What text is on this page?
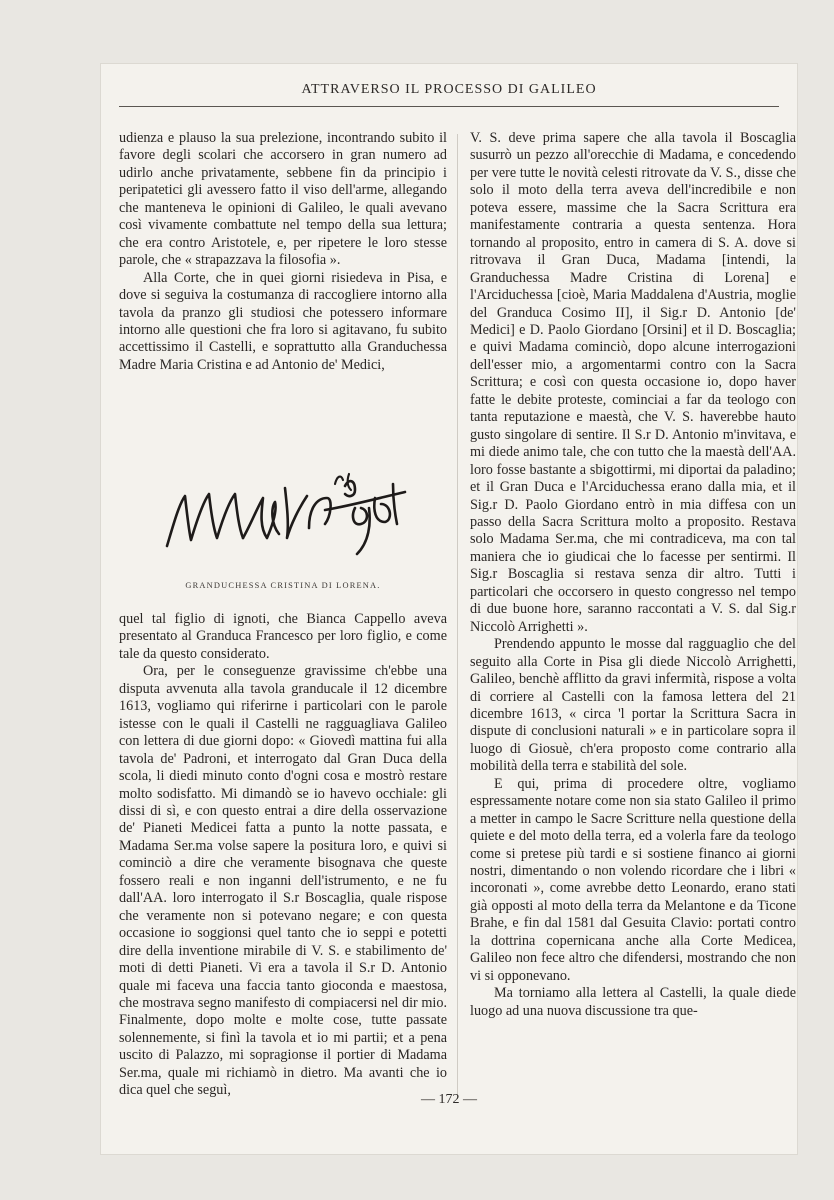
ATTRAVERSO IL PROCESSO DI GALILEO

udienza e plauso la sua prelezione, incontrando subito il favore degli scolari che accorsero in gran numero ad udirlo anche privatamente, sebbene fin da principio i peripatetici gli avessero fatto il viso dell'arme, allegando che manteneva le opinioni di Galileo, le quali avevano così vivamente combattute nel tempo della sua lettura; che era contro Aristotele, e, per ripetere le loro stesse parole, che « strapazzava la filosofia ».

Alla Corte, che in quei giorni risiedeva in Pisa, e dove si seguiva la costumanza di raccogliere intorno alla tavola da pranzo gli studiosi che potessero informare intorno alle questioni che fra loro si agitavano, fu subito accettissimo il Castelli, e soprattutto alla Granduchessa Madre Maria Cristina e ad Antonio de' Medici,

GRANDUCHESSA CRISTINA DI LORENA.

quel tal figlio di ignoti, che Bianca Cappello aveva presentato al Granduca Francesco per loro figlio, e come tale da questo considerato.

Ora, per le conseguenze gravissime ch'ebbe una disputa avvenuta alla tavola granducale il 12 dicembre 1613, vogliamo qui riferirne i particolari con le parole istesse con le quali il Castelli ne ragguagliava Galileo con lettera di due giorni dopo: « Giovedì mattina fui alla tavola de' Padroni, et interrogato dal Gran Duca della scola, li diedi minuto conto d'ogni cosa e mostrò restare molto sodisfatto. Mi dimandò se io havevo occhiale: gli dissi di sì, e con questo entrai a dire della osservazione de' Pianeti Medicei fatta a punto la notte passata, e Madama Ser.ma volse sapere la positura loro, e quivi si cominciò a dire che veramente bisognava che queste fossero reali e non inganni dell'istrumento, e ne fu dall'AA. loro interrogato il S.r Boscaglia, quale rispose che veramente non si potevano negare; e con questa occasione io soggionsi quel tanto che io seppi e potetti dire della inventione mirabile di V. S. e stabilimento de' moti di detti Pianeti. Vi era a tavola il S.r D. Antonio quale mi faceva una faccia tanto gioconda e maestosa, che mostrava segno manifesto di compiacersi nel dir mio. Finalmente, dopo molte e molte cose, tutte passate solennemente, si finì la tavola et io mi partii; et a pena uscito di Palazzo, mi sopragionse il portier di Madama Ser.ma, quale mi richiamò in dietro. Ma avanti che io dica quel che seguì,

V. S. deve prima sapere che alla tavola il Boscaglia susurrò un pezzo all'orecchie di Madama, e concedendo per vere tutte le novità celesti ritrovate da V. S., disse che solo il moto della terra aveva dell'incredibile e non poteva essere, massime che la Sacra Scrittura era manifestamente contraria a questa sentenza. Hora tornando al proposito, entro in camera di S. A. dove si ritrovava il Gran Duca, Madama [intendi, la Granduchessa Madre Cristina di Lorena] e l'Arciduchessa [cioè, Maria Maddalena d'Austria, moglie del Granduca Cosimo II], il Sig.r D. Antonio [de' Medici] e D. Paolo Giordano [Orsini] et il D. Boscaglia; e quivi Madama cominciò, dopo alcune interrogazioni dell'esser mio, a argomentarmi contro con la Sacra Scrittura; e così con questa occasione io, dopo haver fatte le debite proteste, cominciai a far da teologo con tanta reputazione e maestà, che V. S. haverebbe hauto gusto singolare di sentire. Il S.r D. Antonio m'invitava, e mi diede animo tale, che con tutto che la maestà dell'AA. loro fosse bastante a sbigottirmi, mi diportai da paladino; et il Gran Duca e l'Arciduchessa erano dalla mia, et il Sig.r D. Paolo Giordano entrò in mia diffesa con un passo della Sacra Scrittura molto a proposito. Restava solo Madama Ser.ma, che mi contradiceva, ma con tal maniera che io giudicai che lo facesse per sentirmi. Il Sig.r Boscaglia si restava senza dir altro. Tutti i particolari che occorsero in questo congresso nel tempo di due buone hore, saranno raccontati a V. S. dal Sig.r Niccolò Arrighetti ».

Prendendo appunto le mosse dal ragguaglio che del seguito alla Corte in Pisa gli diede Niccolò Arrighetti, Galileo, benchè afflitto da gravi infermità, rispose a volta di corriere al Castelli con la famosa lettera del 21 dicembre 1613, « circa 'l portar la Scrittura Sacra in dispute di conclusioni naturali » e in particolare sopra il luogo di Giosuè, ch'era proposto come contrario alla mobilità della terra e stabilità del sole.

E qui, prima di procedere oltre, vogliamo espressamente notare come non sia stato Galileo il primo a metter in campo le Sacre Scritture nella questione della quiete e del moto della terra, ed a volerla fare da teologo come si pretese più tardi e si sostiene financo ai giorni nostri, dimentando o non volendo ricordare che i libri « incoronati », come avrebbe detto Leonardo, erano stati già opposti al moto della terra da Melantone e da Ticone Brahe, e fin dal 1581 dal Gesuita Clavio: portati contro la dottrina copernicana anche alla Corte Medicea, Galileo non fece altro che difendersi, mostrando che non vi si opponevano.

Ma torniamo alla lettera al Castelli, la quale diede luogo ad una nuova discussione tra que-

— 172 —
